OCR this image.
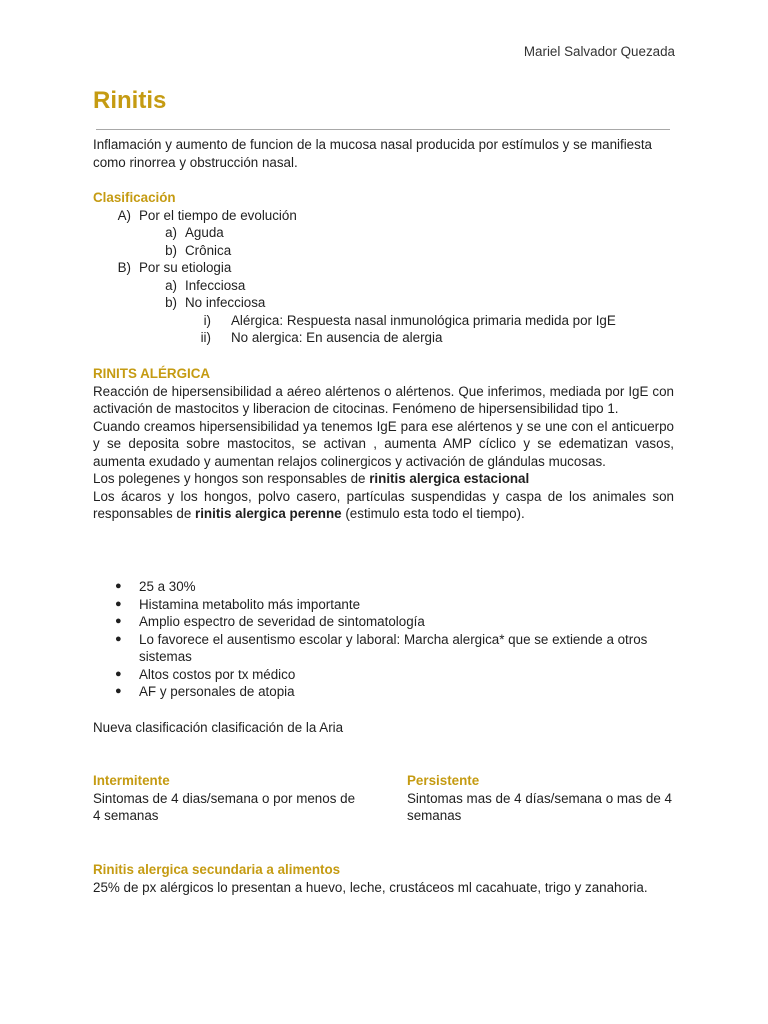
Mariel Salvador Quezada
Rinitis

Inflamación y aumento de funcion de la mucosa nasal producida por estímulos y se manifiesta como rinorrea y obstrucción nasal.

Clasificación

A) Por el tiempo de evolución
a) Aguda
b) Crônica
B) Por su etiologia
a) Infecciosa
b) No infecciosa
i) Alérgica: Respuesta nasal inmunológica primaria medida por IgE
ii) No alergica: En ausencia de alergia

RINITS ALÉRGICA

Reacción de hipersensibilidad a aéreo alértenos o alértenos. Que inferimos, mediada por IgE con activación de mastocitos y liberacion de citocinas. Fenómeno de hipersensibilidad tipo 1.

Cuando creamos hipersensibilidad ya tenemos IgE para ese alértenos y se une con el anticuerpo y se deposita sobre mastocitos, se activan , aumenta AMP cíclico y se edematizan vasos, aumenta exudado y aumentan relajos colinergicos y activación de glándulas mucosas.

Los polegenes y hongos son responsables de rinitis alergica estacional

Los ácaros y los hongos, polvo casero, partículas suspendidas y caspa de los animales son responsables de rinitis alergica perenne (estimulo esta todo el tiempo).

● 25 a 30%
● Histamina metabolito más importante
● Amplio espectro de severidad de sintomatología
● Lo favorece el ausentismo escolar y laboral: Marcha alergica* que se extiende a otros sistemas
● Altos costos por tx médico
● AF y personales de atopia

Nueva clasificación clasificación de la Aria

Intermitente

Sintomas de 4 dias/semana o por menos de 4 semanas

Persistente

Sintomas mas de 4 días/semana o mas de 4 semanas

Rinitis alergica secundaria a alimentos

25% de px alérgicos lo presentan a huevo, leche, crustáceos ml cacahuate, trigo y zanahoria.
